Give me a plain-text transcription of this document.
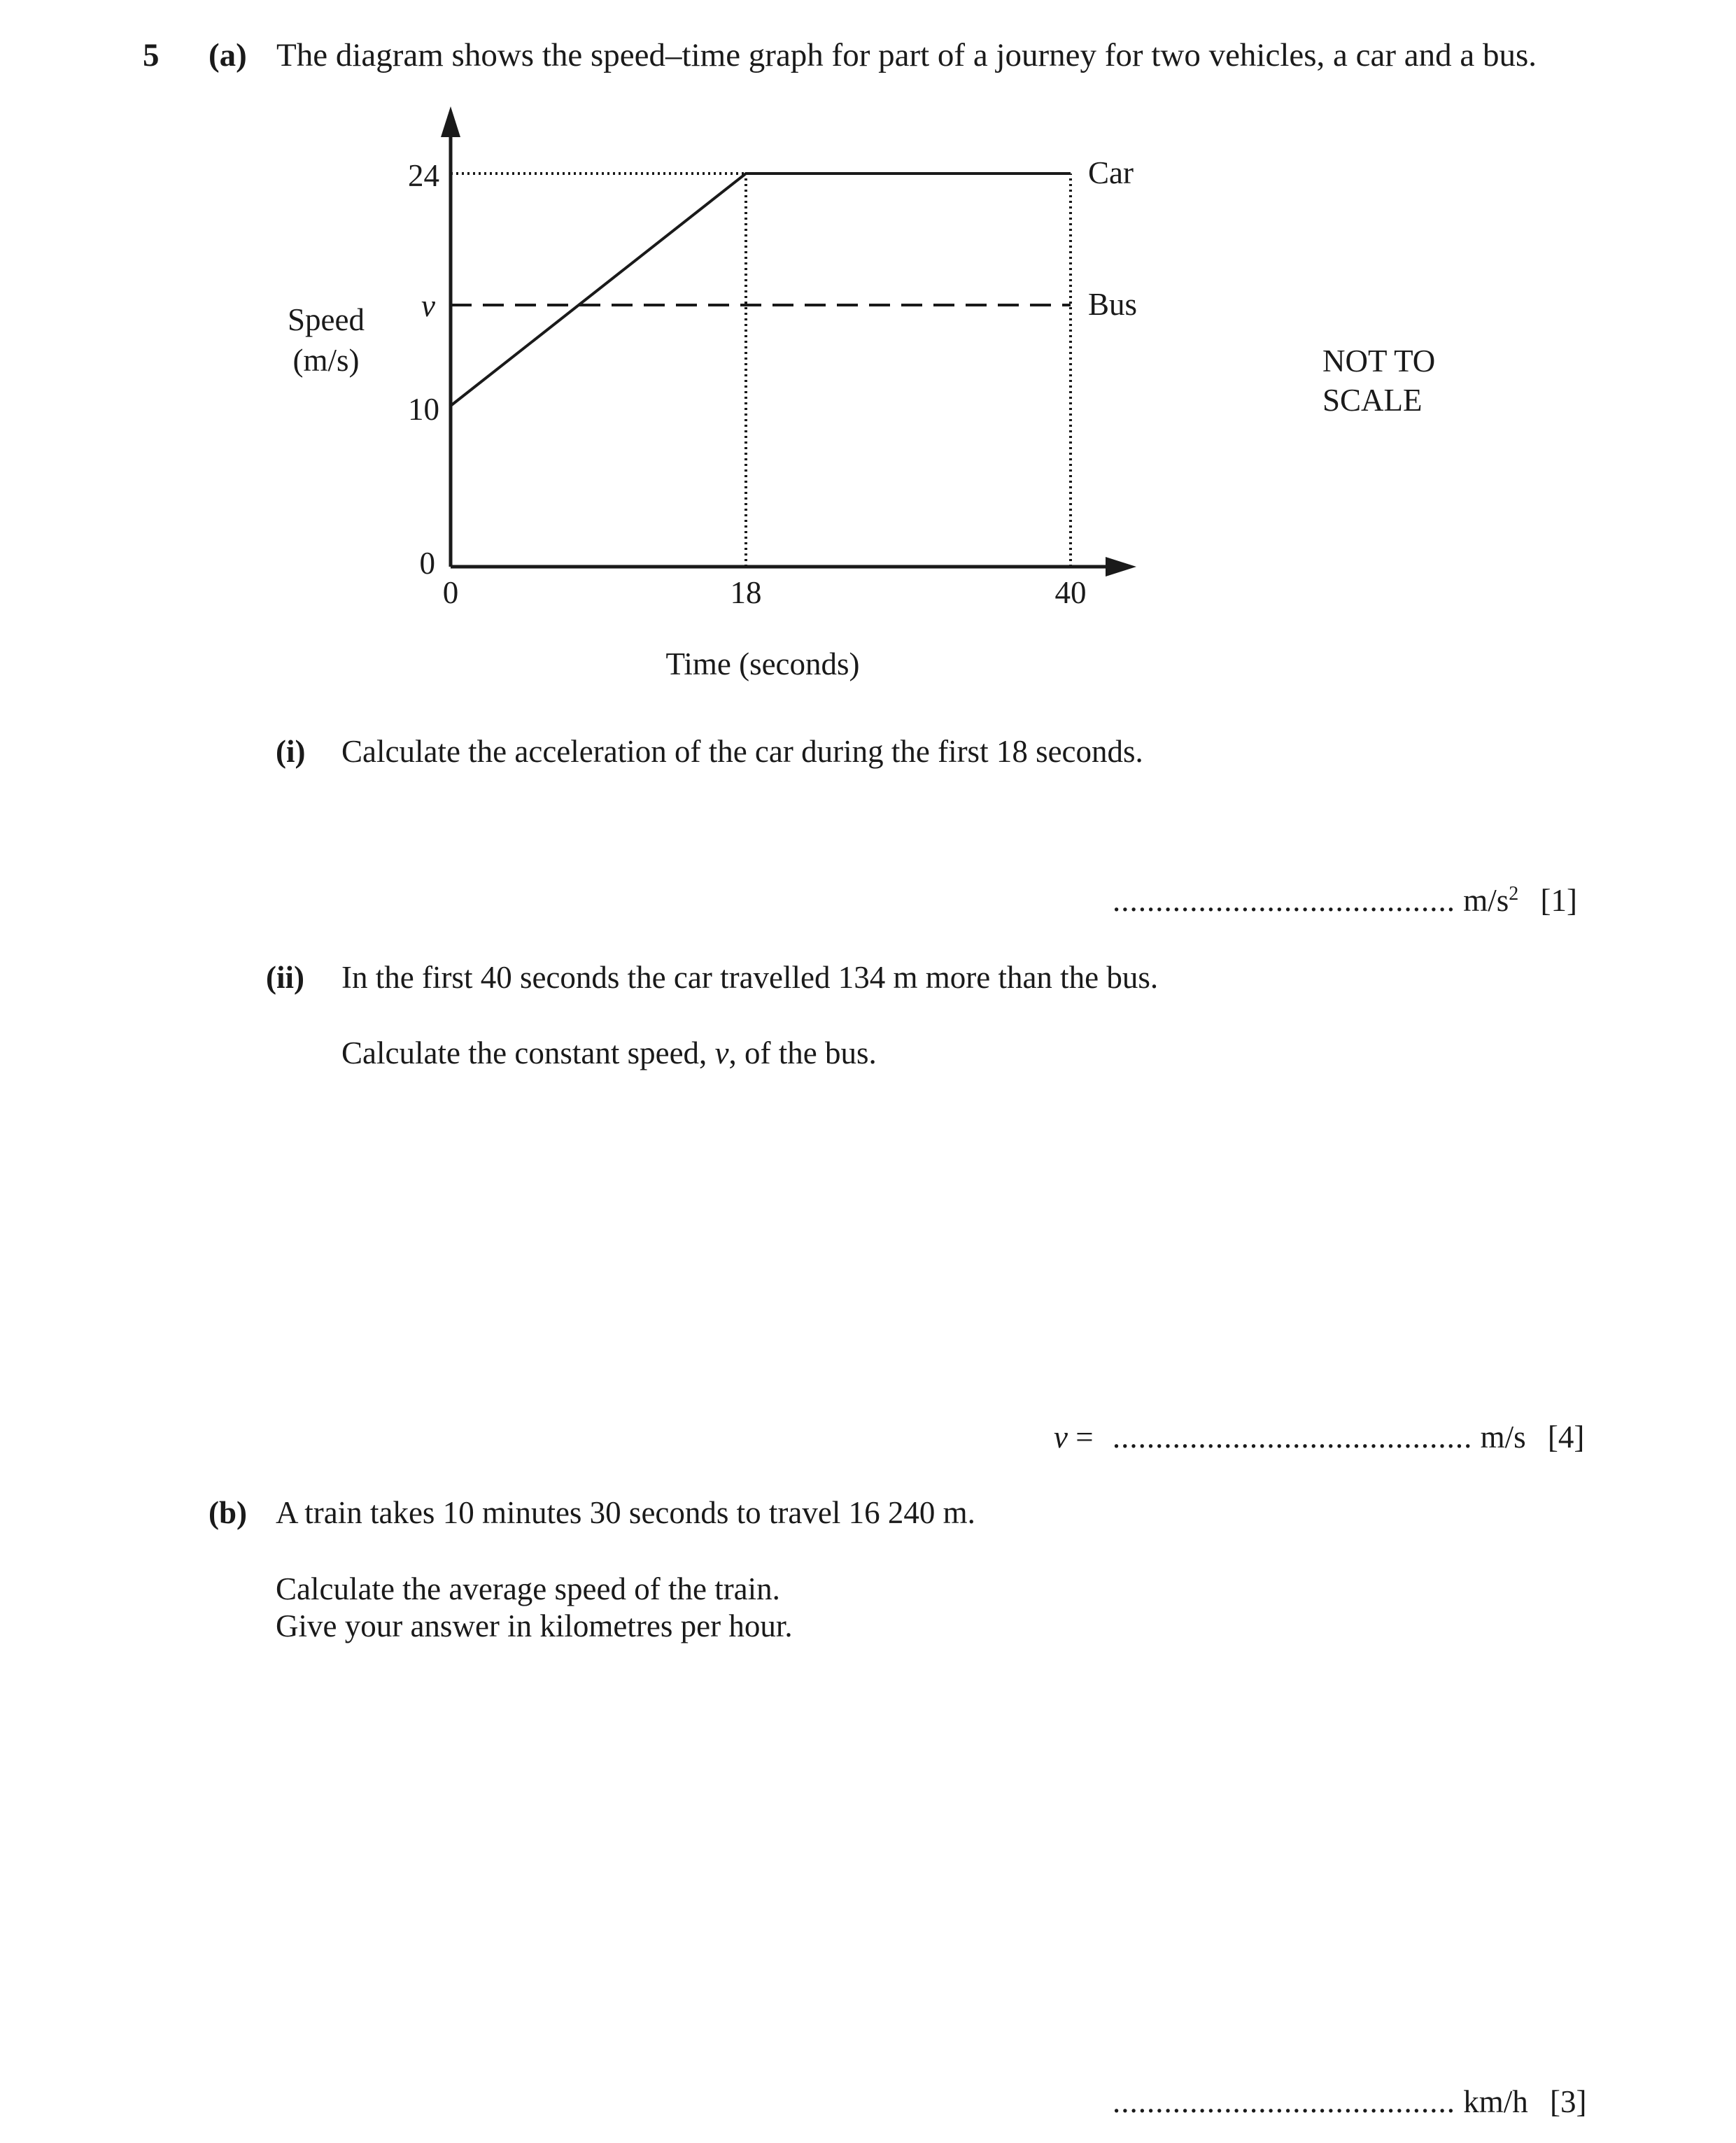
5 (a) The diagram shows the speed–time graph for part of a journey for two vehicles, a car and a bus.
24
v
10
0
0	18	40
Car
Bus
Speed
(m/s)
Time (seconds)
NOT TO
SCALE
(i) Calculate the acceleration of the car during the first 18 seconds.
........................................ $m/s^2$ [1]
(ii) In the first 40 seconds the car travelled 134 m more than the bus.
Calculate the constant speed, v, of the bus.
v = .......................................... m/s [4]
(b) A train takes 10 minutes 30 seconds to travel 16 240 m.
Calculate the average speed of the train.
Give your answer in kilometres per hour.
........................................ km/h [3]
